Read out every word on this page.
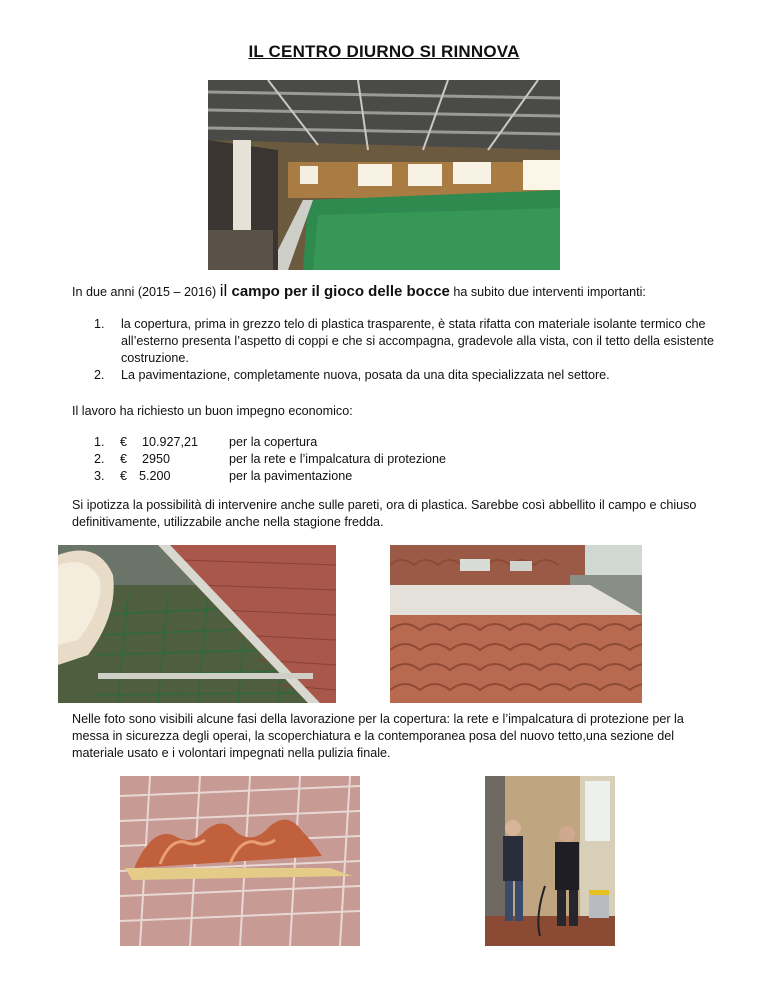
IL CENTRO DIURNO SI RINNOVA
In due anni (2015 – 2016) il campo per il gioco delle bocce ha subito due interventi importanti:
1. la copertura, prima in grezzo telo di plastica trasparente, è stata rifatta con materiale isolante termico che all’esterno presenta l’aspetto di coppi e che si accompagna, gradevole alla vista, con il tetto della esistente costruzione.
2. La pavimentazione, completamente nuova, posata da una dita specializzata nel settore.
Il lavoro ha richiesto un buon impegno economico:
1. € 10.927,21 per la copertura
2. € 2950	per la rete e l’impalcatura di protezione
3. € 5.200	per la pavimentazione
Si ipotizza la possibilità di intervenire anche sulle pareti, ora di plastica. Sarebbe così abbellito il campo e chiuso definitivamente, utilizzabile anche nella stagione fredda.
Nelle foto sono visibili alcune fasi della lavorazione per la copertura: la rete e l’impalcatura di protezione per la messa in sicurezza degli operai, la scoperchiatura e la contemporanea posa del nuovo tetto,una sezione del materiale usato e i volontari impegnati nella pulizia finale.
